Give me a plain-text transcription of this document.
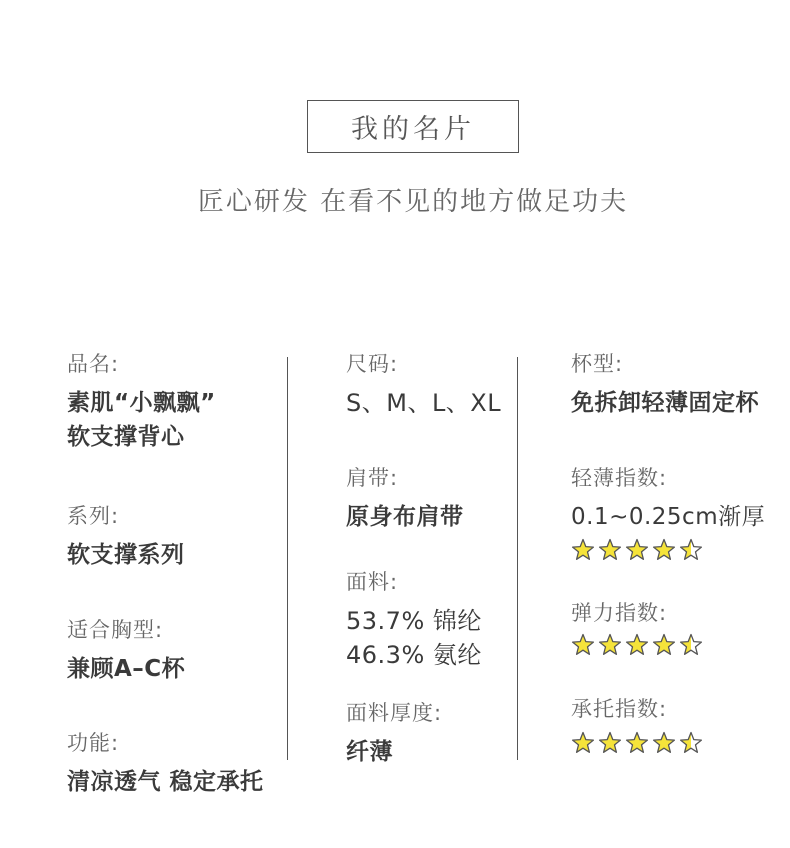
我的名片
匠心研发 在看不见的地方做足功夫
品名:
素肌“小飘飘”
软支撑背心
系列:
软支撑系列
适合胸型:
兼顾A–C杯
功能:
清凉透气 稳定承托
尺码:
S、M、L、XL
肩带:
原身布肩带
面料:
53.7% 锦纶
46.3% 氨纶
面料厚度:
纤薄
杯型:
免拆卸轻薄固定杯
轻薄指数:
0.1~0.25cm渐厚
弹力指数:
承托指数:
